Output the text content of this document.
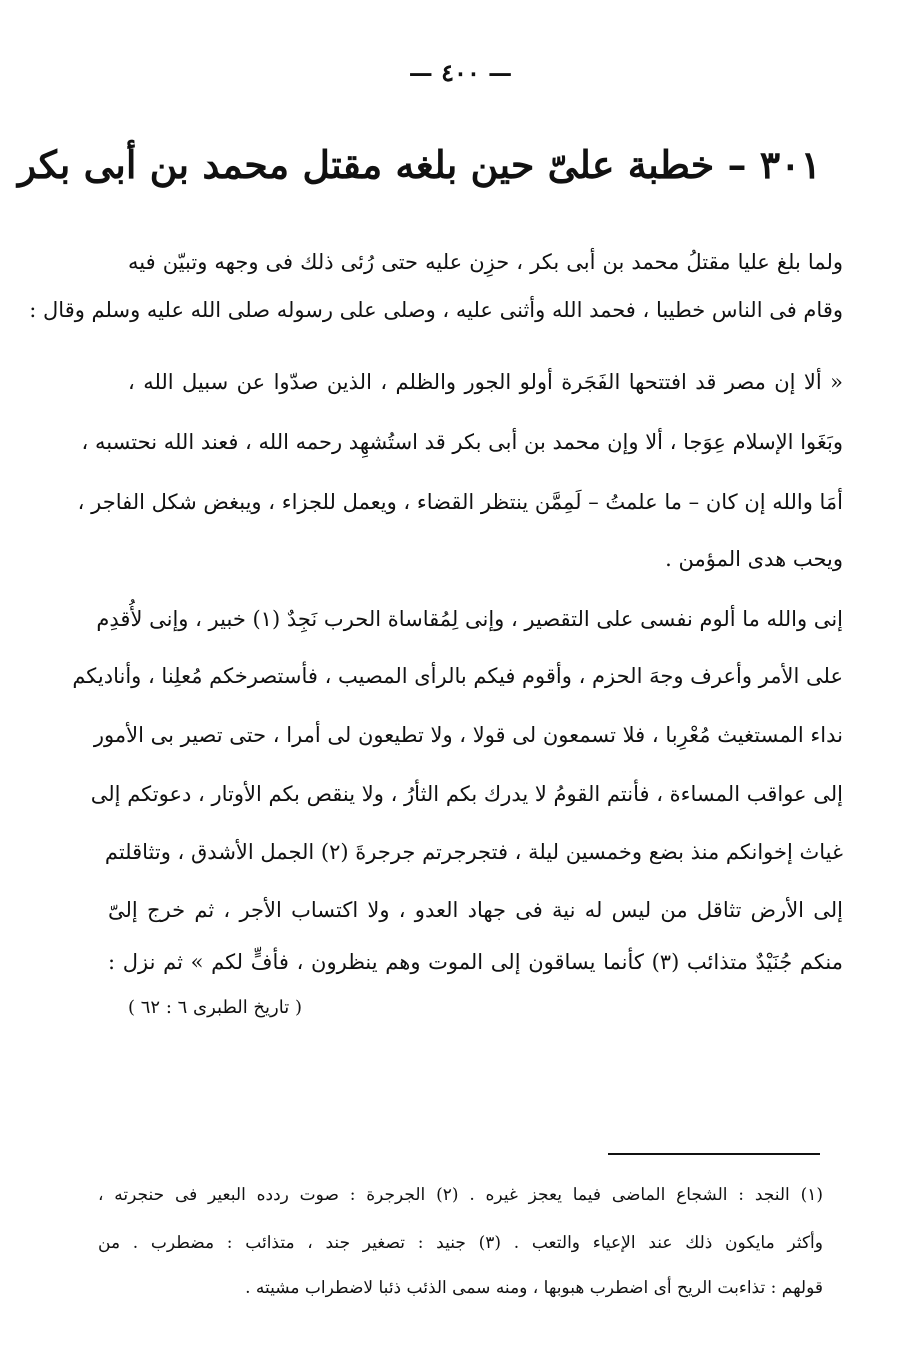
— ٤٠٠ —
٣٠١ – خطبة علىّ حين بلغه مقتل محمد بن أبى بكر
ولما بلغ عليا مقتلُ محمد بن أبى بكر ، حزِن عليه حتى رُئى ذلك فى وجهه وتبيّن فيه
وقام فى الناس خطيبا ، فحمد الله وأثنى عليه ، وصلى على رسوله صلى الله عليه وسلم وقال :
« ألا إن مصر قد افتتحها الفَجَرة أولو الجور والظلم ، الذين صدّوا عن سبيل الله ،
وبَغَوا الإسلام عِوَجا ، ألا وإن محمد بن أبى بكر قد استُشهِد رحمه الله ، فعند الله نحتسبه ،
أمَا والله إن كان – ما علمتُ – لَمِمَّن ينتظر القضاء ، ويعمل للجزاء ، ويبغض شكل الفاجر ،
ويحب هدى المؤمن .
إنى والله ما ألوم نفسى على التقصير ، وإنى لِمُقاساة الحرب نَجِدٌ (١) خبير ، وإنى لأُقدِم
على الأمر وأعرف وجهَ الحزم ، وأقوم فيكم بالرأى المصيب ، فأستصرخكم مُعلِنا ، وأناديكم
نداء المستغيث مُعْرِبا ، فلا تسمعون لى قولا ، ولا تطيعون لى أمرا ، حتى تصير بى الأمور
إلى عواقب المساءة ، فأنتم القومُ لا يدرك بكم الثأرُ ، ولا ينقص بكم الأوتار ، دعوتكم إلى
غياث إخوانكم منذ بضع وخمسين ليلة ، فتجرجرتم جرجرةَ (٢) الجمل الأشدق ، وتثاقلتم
إلى الأرض تثاقل من ليس له نية فى جهاد العدو ، ولا اكتساب الأجر ، ثم خرج إلىّ
منكم جُنَيْدٌ متذائب (٣) كأنما يساقون إلى الموت وهم ينظرون ، فأفٍّ لكم » ثم نزل :
( تاريخ الطبرى ٦ : ٦٢ )
(١) النجد : الشجاع الماضى فيما يعجز غيره . (٢) الجرجرة : صوت ردده البعير فى حنجرته ،
وأكثر مايكون ذلك عند الإعياء والتعب . (٣) جنيد : تصغير جند ، متذائب : مضطرب . من
قولهم : تذاءبت الريح أى اضطرب هبوبها ، ومنه سمى الذئب ذئبا لاضطراب مشيته .
